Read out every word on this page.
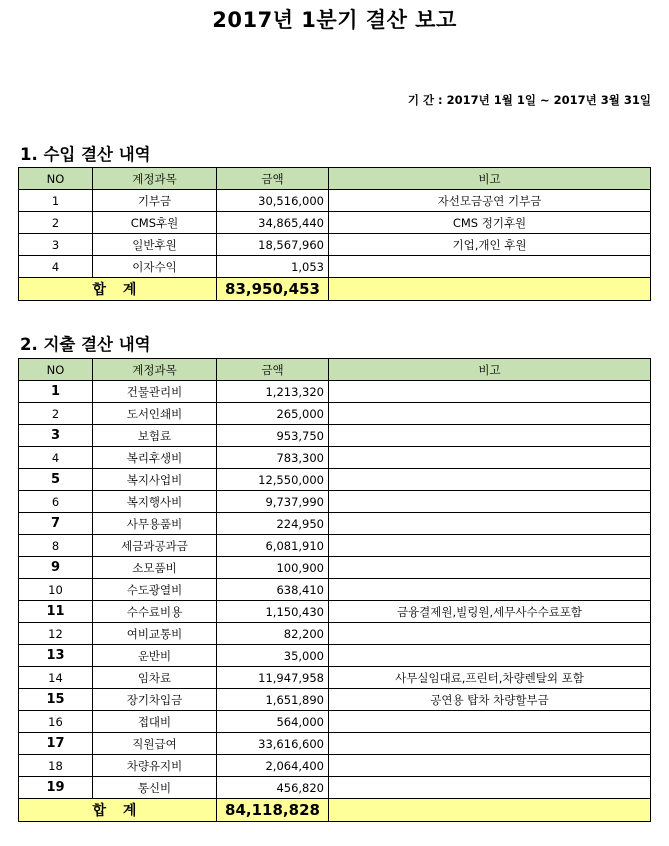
2017년 1분기 결산 보고
기 간 : 2017년 1월 1일 ~ 2017년 3월 31일
1. 수입 결산 내역
NO	계정과목	금액	비고
1	기부금	30,516,000	자선모금공연 기부금
2	CMS후원	34,865,440	CMS 정기후원
3	일반후원	18,567,960	기업,개인 후원
4	이자수익	1,053	
합 계		83,950,453	
2. 지출 결산 내역
NO	계정과목	금액	비고
1	건물관리비	1,213,320	
2	도서인쇄비	265,000	
3	보험료	953,750	
4	복리후생비	783,300	
5	복지사업비	12,550,000	
6	복지행사비	9,737,990	
7	사무용품비	224,950	
8	세금과공과금	6,081,910	
9	소모품비	100,900	
10	수도광열비	638,410	
11	수수료비용	1,150,430	금융결제원,빌링원,세무사수수료포함
12	여비교통비	82,200	
13	운반비	35,000	
14	임차료	11,947,958	사무실임대료,프린터,차량렌탈외 포함
15	장기차입금	1,651,890	공연용 탑차 차량할부금
16	접대비	564,000	
17	직원급여	33,616,600	
18	차량유지비	2,064,400	
19	통신비	456,820	
합 계		84,118,828	
